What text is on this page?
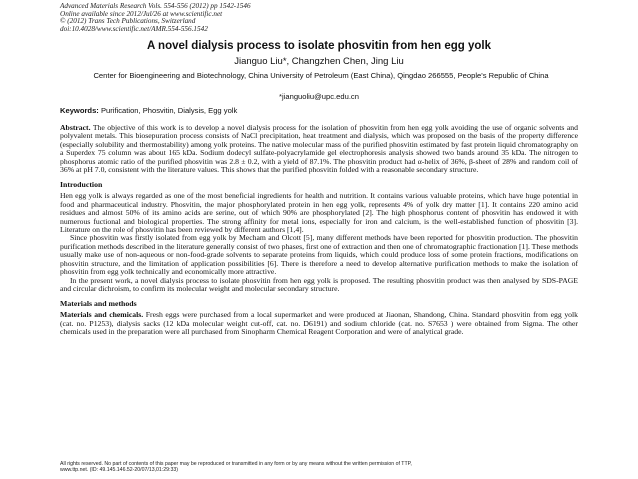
Advanced Materials Research Vols. 554-556 (2012) pp 1542-1546
Online available since 2012/Jul/26 at www.scientific.net
© (2012) Trans Tech Publications, Switzerland
doi:10.4028/www.scientific.net/AMR.554-556.1542
A novel dialysis process to isolate phosvitin from hen egg yolk
Jianguo Liu*, Changzhen Chen, Jing Liu
Center for Bioengineering and Biotechnology, China University of Petroleum (East China), Qingdao 266555, People's Republic of China
*jianguoliu@upc.edu.cn
Keywords: Purification, Phosvitin, Dialysis, Egg yolk

Abstract. The objective of this work is to develop a novel dialysis process for the isolation of phosvitin from hen egg yolk avoiding the use of organic solvents and polyvalent metals. This biosepuration process consists of NaCl precipitation, heat treatment and dialysis, which was proposed on the basis of the property difference (especially solubility and thermostability) among yolk proteins. The native molecular mass of the purified phosvitin estimated by fast protein liquid chromatography on a Superdex 75 column was about 165 kDa. Sodium dodecyl sulfate-polyacrylamide gel electrophoresis analysis showed two bands around 35 kDa. The nitrogen to phosphorus atomic ratio of the purified phosvitin was 2.8 ± 0.2, with a yield of 87.1%. The phosvitin product had α-helix of 36%, β-sheet of 28% and random coil of 36% at pH 7.0, consistent with the literature values. This shows that the purified phosvitin folded with a reasonable secondary structure.

Introduction

Hen egg yolk is always regarded as one of the most beneficial ingredients for health and nutrition. It contains various valuable proteins, which have huge potential in food and pharmaceutical industry. Phosvitin, the major phosphorylated protein in hen egg yolk, represents 4% of yolk dry matter [1]. It contains 220 amino acid residues and almost 50% of its amino acids are serine, out of which 90% are phosphorylated [2]. The high phosphorus content of phosvitin has endowed it with numerous fuctional and biological properties. The strong affinity for metal ions, especially for iron and calcium, is the well-established function of phosvitin [3]. Literature on the role of phosvitin has been reviewed by different authors [1,4].

Since phosvitin was firstly isolated from egg yolk by Mecham and Olcott [5], many different methods have been reported for phosvitin production. The phosvitin purification methods described in the literature generally consist of two phases, first one of extraction and then one of chromatographic fractionation [1]. These methods usually make use of non-aqueous or non-food-grade solvents to separate proteins from liquids, which could produce loss of some protein fractions, modifications on phosvitin structure, and the limitation of application possibilities [6]. There is therefore a need to develop alternative purification methods to make the isolation of phosvitin from egg yolk technically and economically more attractive.

In the present work, a novel dialysis process to isolate phosvitin from hen egg yolk is proposed. The resulting phosvitin product was then analysed by SDS-PAGE and circular dichroism, to confirm its molecular weight and molecular secondary structure.

Materials and methods

Materials and chemicals. Fresh eggs were purchased from a local supermarket and were produced at Jiaonan, Shandong, China. Standard phosvitin from egg yolk (cat. no. P1253), dialysis sacks (12 kDa molecular weight cut-off, cat. no. D6191) and sodium chloride (cat. no. S7653 ) were obtained from Sigma. The other chemicals used in the preparation were all purchased from Sinopharm Chemical Reagent Corporation and were of analytical grade.

All rights reserved. No part of contents of this paper may be reproduced or transmitted in any form or by any means without the written permission of TTP,
www.ttp.net. (ID: 49.145.146.52-20/07/13,01:29:33)
